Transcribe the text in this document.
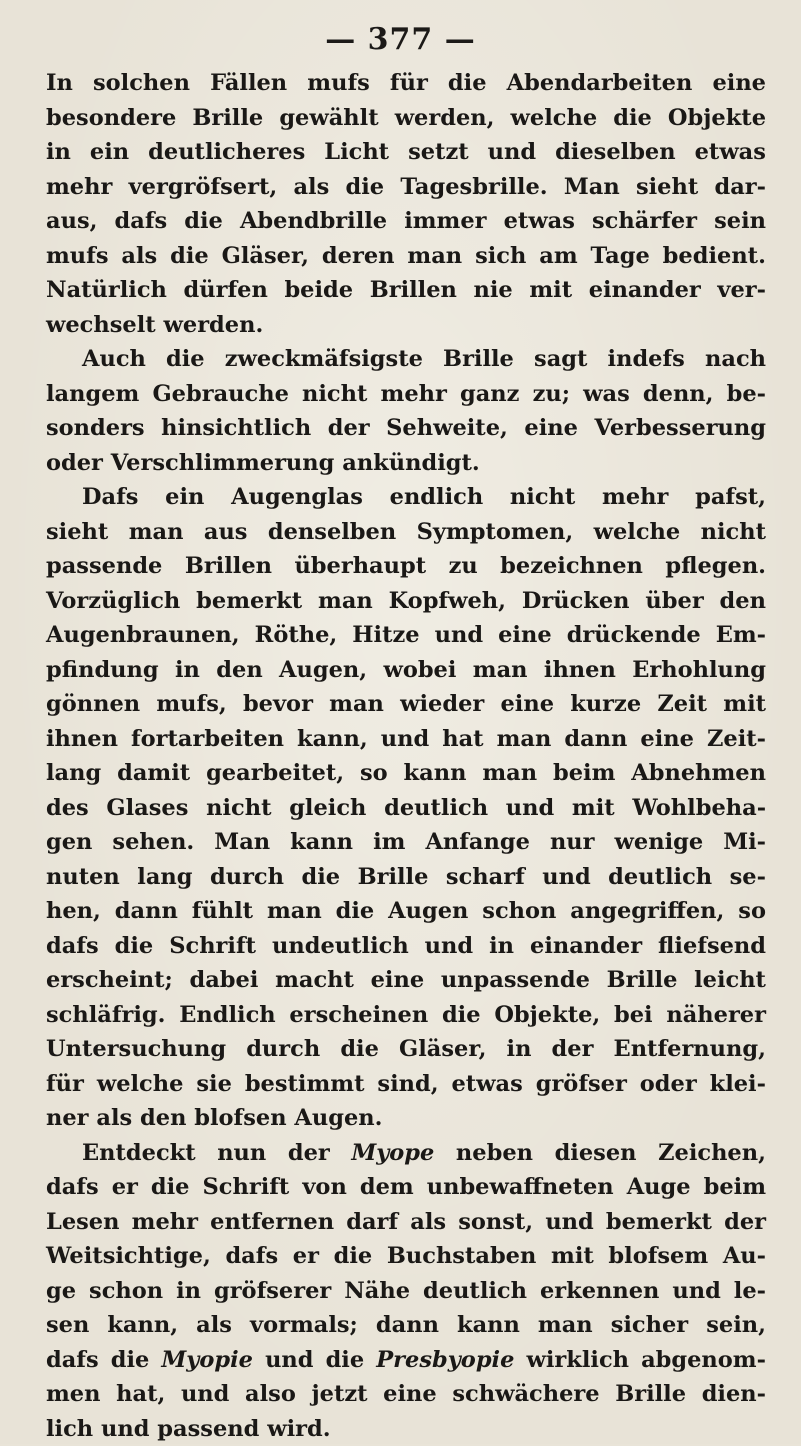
— 377 —
In solchen Fällen mufs für die Abendarbeiten eine
besondere Brille gewählt werden, welche die Objekte
in ein deutlicheres Licht setzt und dieselben etwas
mehr vergröfsert, als die Tagesbrille. Man sieht dar-
aus, dafs die Abendbrille immer etwas schärfer sein
mufs als die Gläser, deren man sich am Tage bedient.
Natürlich dürfen beide Brillen nie mit einander ver-
wechselt werden.
Auch die zweckmäfsigste Brille sagt indefs nach
langem Gebrauche nicht mehr ganz zu; was denn, be-
sonders hinsichtlich der Sehweite, eine Verbesserung
oder Verschlimmerung ankündigt.
Dafs ein Augenglas endlich nicht mehr pafst,
sieht man aus denselben Symptomen, welche nicht
passende Brillen überhaupt zu bezeichnen pflegen.
Vorzüglich bemerkt man Kopfweh, Drücken über den
Augenbraunen, Röthe, Hitze und eine drückende Em-
pfindung in den Augen, wobei man ihnen Erhohlung
gönnen mufs, bevor man wieder eine kurze Zeit mit
ihnen fortarbeiten kann, und hat man dann eine Zeit-
lang damit gearbeitet, so kann man beim Abnehmen
des Glases nicht gleich deutlich und mit Wohlbeha-
gen sehen. Man kann im Anfange nur wenige Mi-
nuten lang durch die Brille scharf und deutlich se-
hen, dann fühlt man die Augen schon angegriffen, so
dafs die Schrift undeutlich und in einander fliefsend
erscheint; dabei macht eine unpassende Brille leicht
schläfrig. Endlich erscheinen die Objekte, bei näherer
Untersuchung durch die Gläser, in der Entfernung,
für welche sie bestimmt sind, etwas gröfser oder klei-
ner als den blofsen Augen.
Entdeckt nun der Myope neben diesen Zeichen,
dafs er die Schrift von dem unbewaffneten Auge beim
Lesen mehr entfernen darf als sonst, und bemerkt der
Weitsichtige, dafs er die Buchstaben mit blofsem Au-
ge schon in gröfserer Nähe deutlich erkennen und le-
sen kann, als vormals; dann kann man sicher sein,
dafs die Myopie und die Presbyopie wirklich abgenom-
men hat, und also jetzt eine schwächere Brille dien-
lich und passend wird.
